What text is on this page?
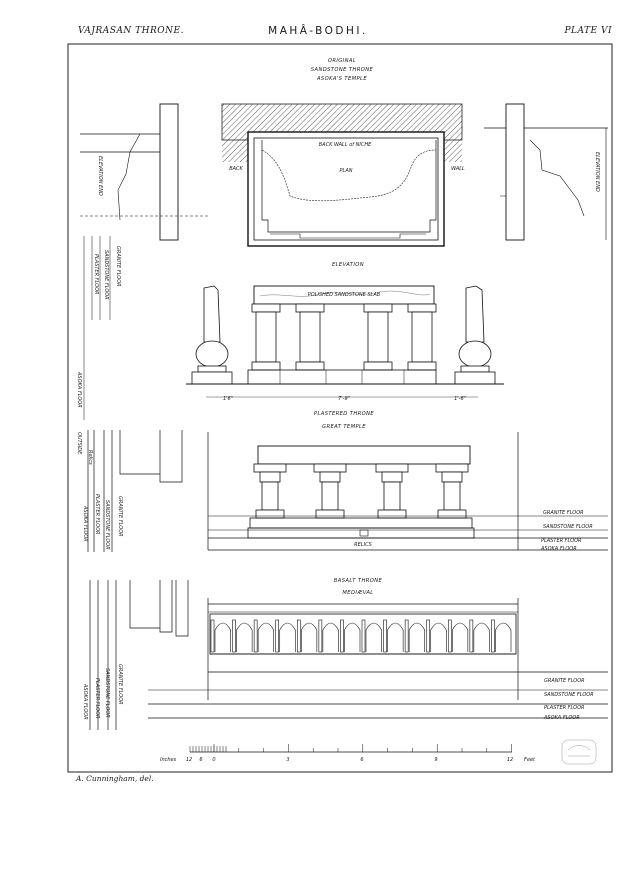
VAJRASAN THRONE.	MAHÂ-BODHI.	PLATE VI
ORIGINAL
SANDSTONE THRONE
ASOKA'S TEMPLE
BACK WALL of NICHE
BACK	WALL
PLAN
ELEVATION END
GRANITE FLOOR
SANDSTONE FLOOR
PLASTER FLOOR
ASOKA FLOOR
OUTSIDE
ELEVATION END
ELEVATION
POLISHED SANDSTONE SLAB
1'6"	7'-9"	1'-6"
PLASTERED THRONE
GREAT TEMPLE
RELICS
GRANITE FLOOR
SANDSTONE FLOOR
PLASTER FLOOR
ASOKA FLOOR
Relics
GRANITE FLOOR
SANDSTONE FLOOR
PLASTER FLOOR
ASOKA FLOOR
BASALT THRONE
MEDIÆVAL
GRANITE FLOOR
SANDSTONE FLOOR
PLASTER FLOOR
ASOKA FLOOR
GRANITE FLOOR
SANDSTONE FLOOR
PLASTER FLOOR
ASOKA FLOOR
Inches 12 6 0	3	6	9	12 Feet
A. Cunningham, del.
